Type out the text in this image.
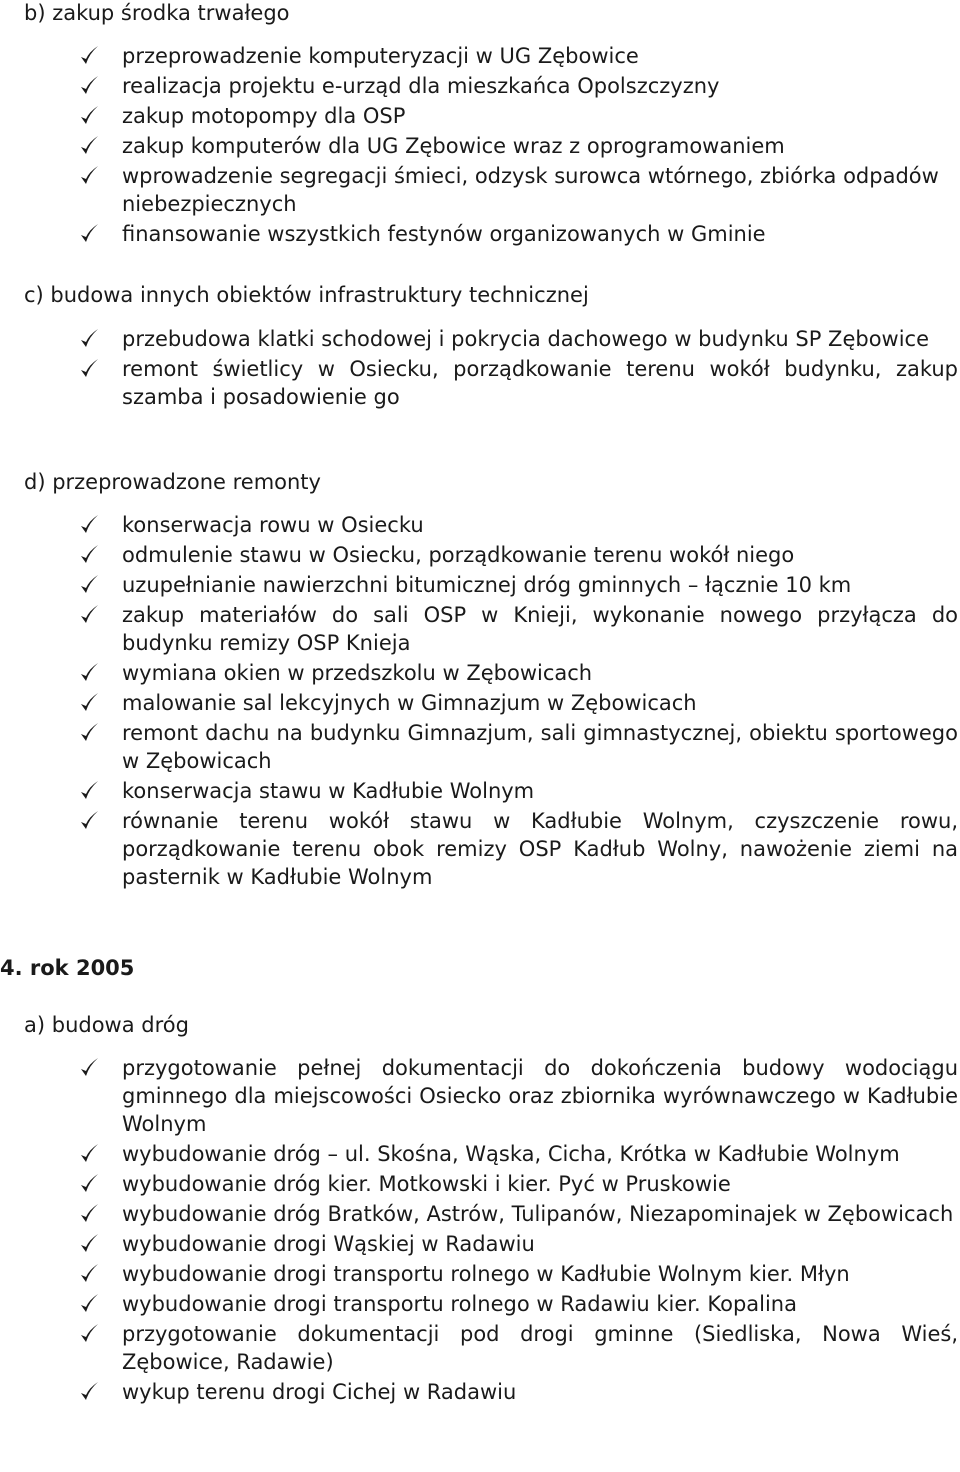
b) zakup środka trwałego

przeprowadzenie komputeryzacji w UG Zębowice
realizacja projektu e-urząd dla mieszkańca Opolszczyzny
zakup motopompy dla OSP
zakup komputerów dla UG Zębowice wraz z oprogramowaniem
wprowadzenie segregacji śmieci, odzysk surowca wtórnego, zbiórka odpadów niebezpiecznych
finansowanie wszystkich festynów organizowanych w Gminie

c) budowa innych obiektów infrastruktury technicznej

przebudowa klatki schodowej i pokrycia dachowego w budynku SP Zębowice
remont świetlicy w Osiecku, porządkowanie terenu wokół budynku, zakup szamba i posadowienie go

d) przeprowadzone remonty

konserwacja rowu w Osiecku
odmulenie stawu w Osiecku, porządkowanie terenu wokół niego
uzupełnianie nawierzchni bitumicznej dróg gminnych – łącznie 10 km
zakup materiałów do sali OSP w Knieji, wykonanie nowego przyłącza do budynku remizy OSP Knieja
wymiana okien w przedszkolu w Zębowicach
malowanie sal lekcyjnych w Gimnazjum w Zębowicach
remont dachu na budynku Gimnazjum, sali gimnastycznej, obiektu sportowego w Zębowicach
konserwacja stawu w Kadłubie Wolnym
równanie terenu wokół stawu w Kadłubie Wolnym, czyszczenie rowu, porządkowanie terenu obok remizy OSP Kadłub Wolny, nawożenie ziemi na pasternik w Kadłubie Wolnym

4. rok 2005

a) budowa dróg

przygotowanie pełnej dokumentacji do dokończenia budowy wodociągu gminnego dla miejscowości Osiecko oraz zbiornika wyrównawczego w Kadłubie Wolnym
wybudowanie dróg – ul. Skośna, Wąska, Cicha, Krótka w Kadłubie Wolnym
wybudowanie dróg kier. Motkowski i kier. Pyć w Pruskowie
wybudowanie dróg Bratków, Astrów, Tulipanów, Niezapominajek w Zębowicach
wybudowanie drogi Wąskiej w Radawiu
wybudowanie drogi transportu rolnego w Kadłubie Wolnym kier. Młyn
wybudowanie drogi transportu rolnego w Radawiu kier. Kopalina
przygotowanie dokumentacji pod drogi gminne (Siedliska, Nowa Wieś, Zębowice, Radawie)
wykup terenu drogi Cichej w Radawiu
